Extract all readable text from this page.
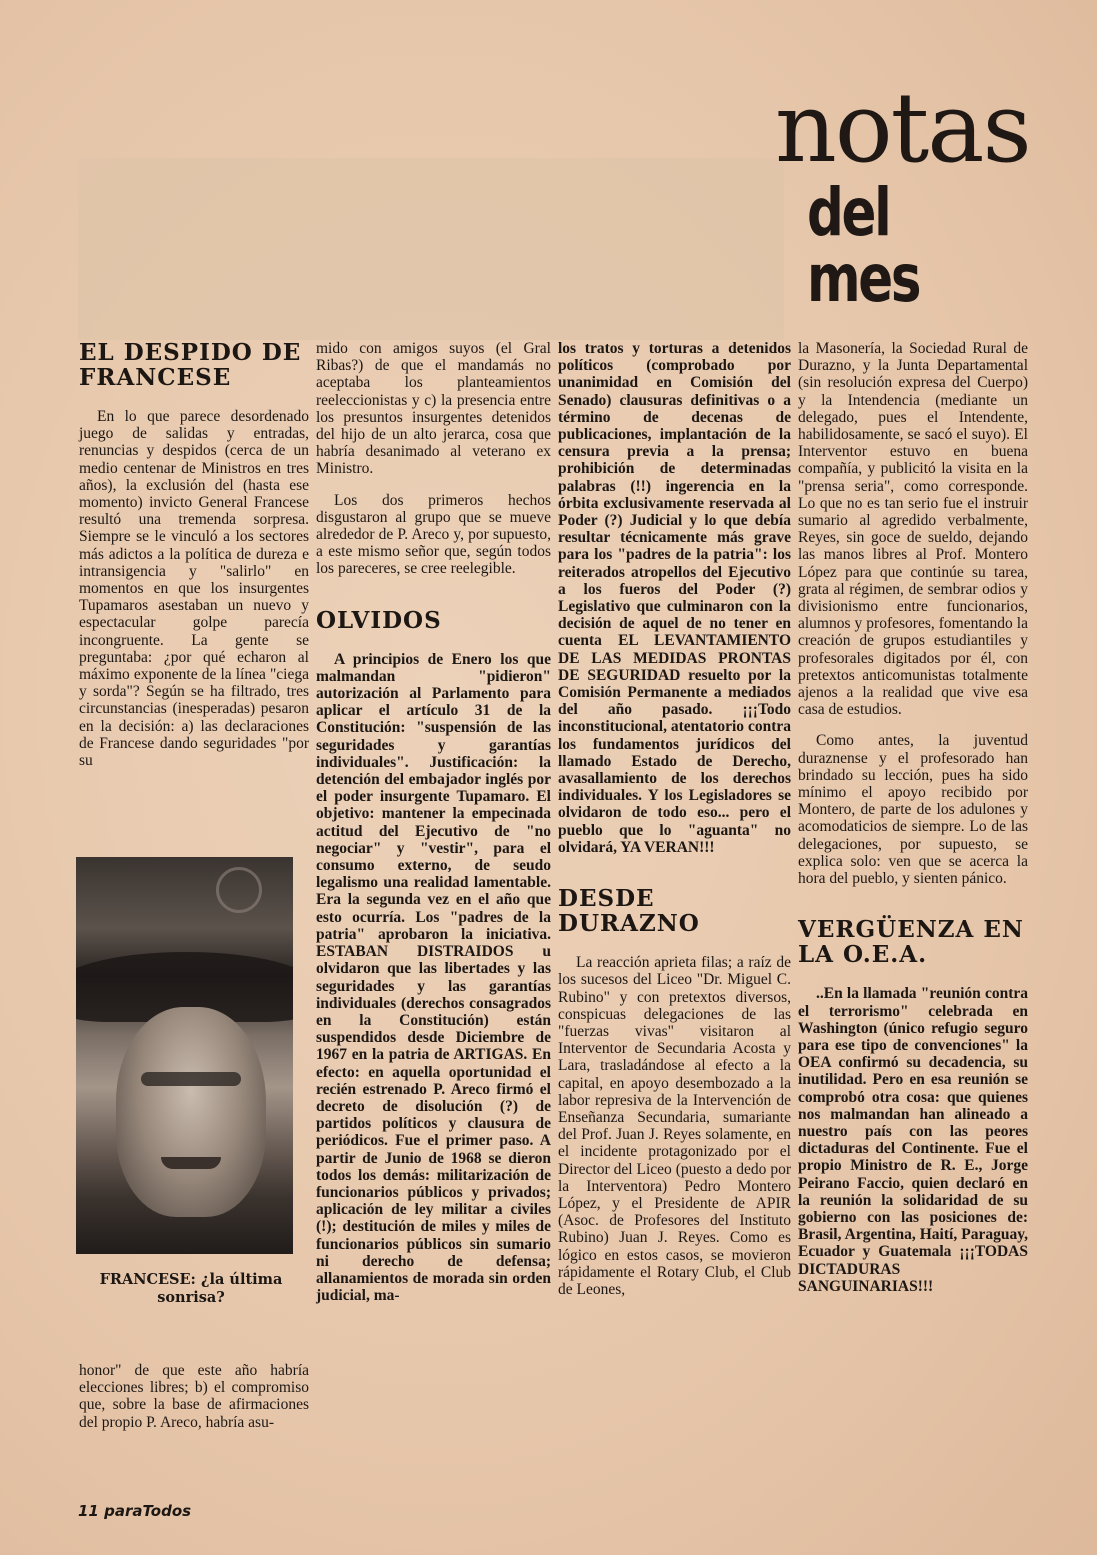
notas
del mes
EL DESPIDO DE FRANCESE

En lo que parece desordenado juego de salidas y entradas, renuncias y despidos (cerca de un medio centenar de Ministros en tres años), la exclusión del (hasta ese momento) invicto General Francese resultó una tremenda sorpresa. Siempre se le vinculó a los sectores más adictos a la política de dureza e intransigencia y "salirlo" en momentos en que los insurgentes Tupamaros asestaban un nuevo y espectacular golpe parecía incongruente. La gente se preguntaba: ¿por qué echaron al máximo exponente de la línea "ciega y sorda"? Según se ha filtrado, tres circunstancias (inesperadas) pesaron en la decisión: a) las declaraciones de Francese dando seguridades "por su

FRANCESE: ¿la última sonrisa?

honor" de que este año habría elecciones libres; b) el compromiso que, sobre la base de afirmaciones del propio P. Areco, habría asu-

mido con amigos suyos (el Gral Ribas?) de que el mandamás no aceptaba los planteamientos reeleccionistas y c) la presencia entre los presuntos insurgentes detenidos del hijo de un alto jerarca, cosa que habría desanimado al veterano ex Ministro.

Los dos primeros hechos disgustaron al grupo que se mueve alrededor de P. Areco y, por supuesto, a este mismo señor que, según todos los pareceres, se cree reelegible.

OLVIDOS

A principios de Enero los que malmandan "pidieron" autorización al Parlamento para aplicar el artículo 31 de la Constitución: "suspensión de las seguridades y garantías individuales". Justificación: la detención del embajador inglés por el poder insurgente Tupamaro. El objetivo: mantener la empecinada actitud del Ejecutivo de "no negociar" y "vestir", para el consumo externo, de seudo legalismo una realidad lamentable. Era la segunda vez en el año que esto ocurría. Los "padres de la patria" aprobaron la iniciativa. ESTABAN DISTRAIDOS u olvidaron que las libertades y las seguridades y las garantías individuales (derechos consagrados en la Constitución) están suspendidos desde Diciembre de 1967 en la patria de ARTIGAS. En efecto: en aquella oportunidad el recién estrenado P. Areco firmó el decreto de disolución (?) de partidos políticos y clausura de periódicos. Fue el primer paso. A partir de Junio de 1968 se dieron todos los demás: militarización de funcionarios públicos y privados; aplicación de ley militar a civiles (!); destitución de miles y miles de funcionarios públicos sin sumario ni derecho de defensa; allanamientos de morada sin orden judicial, ma-

los tratos y torturas a detenidos políticos (comprobado por unanimidad en Comisión del Senado) clausuras definitivas o a término de decenas de publicaciones, implantación de la censura previa a la prensa; prohibición de determinadas palabras (!!) ingerencia en la órbita exclusivamente reservada al Poder (?) Judicial y lo que debía resultar técnicamente más grave para los "padres de la patria": los reiterados atropellos del Ejecutivo a los fueros del Poder (?) Legislativo que culminaron con la decisión de aquel de no tener en cuenta EL LEVANTAMIENTO DE LAS MEDIDAS PRONTAS DE SEGURIDAD resuelto por la Comisión Permanente a mediados del año pasado. ¡¡¡Todo inconstitucional, atentatorio contra los fundamentos jurídicos del llamado Estado de Derecho, avasallamiento de los derechos individuales. Y los Legisladores se olvidaron de todo eso... pero el pueblo que lo "aguanta" no olvidará, YA VERAN!!!

DESDE DURAZNO

La reacción aprieta filas; a raíz de los sucesos del Liceo "Dr. Miguel C. Rubino" y con pretextos diversos, conspicuas delegaciones de las "fuerzas vivas" visitaron al Interventor de Secundaria Acosta y Lara, trasladándose al efecto a la capital, en apoyo desembozado a la labor represiva de la Intervención de Enseñanza Secundaria, sumariante del Prof. Juan J. Reyes solamente, en el incidente protagonizado por el Director del Liceo (puesto a dedo por la Interventora) Pedro Montero López, y el Presidente de APIR (Asoc. de Profesores del Instituto Rubino) Juan J. Reyes. Como es lógico en estos casos, se movieron rápidamente el Rotary Club, el Club de Leones,

la Masonería, la Sociedad Rural de Durazno, y la Junta Departamental (sin resolución expresa del Cuerpo) y la Intendencia (mediante un delegado, pues el Intendente, habilidosamente, se sacó el suyo). El Interventor estuvo en buena compañía, y publicitó la visita en la "prensa seria", como corresponde. Lo que no es tan serio fue el instruir sumario al agredido verbalmente, Reyes, sin goce de sueldo, dejando las manos libres al Prof. Montero López para que continúe su tarea, grata al régimen, de sembrar odios y divisionismo entre funcionarios, alumnos y profesores, fomentando la creación de grupos estudiantiles y profesorales digitados por él, con pretextos anticomunistas totalmente ajenos a la realidad que vive esa casa de estudios.

Como antes, la juventud duraznense y el profesorado han brindado su lección, pues ha sido mínimo el apoyo recibido por Montero, de parte de los adulones y acomodaticios de siempre. Lo de las delegaciones, por supuesto, se explica solo: ven que se acerca la hora del pueblo, y sienten pánico.

VERGÜENZA EN LA O.E.A.

..En la llamada "reunión contra el terrorismo" celebrada en Washington (único refugio seguro para ese tipo de convenciones" la OEA confirmó su decadencia, su inutilidad. Pero en esa reunión se comprobó otra cosa: que quienes nos malmandan han alineado a nuestro país con las peores dictaduras del Continente. Fue el propio Ministro de R. E., Jorge Peirano Faccio, quien declaró en la reunión la solidaridad de su gobierno con las posiciones de: Brasil, Argentina, Haití, Paraguay, Ecuador y Guatemala ¡¡¡TODAS DICTADURAS SANGUINARIAS!!!

11 paraTodos
